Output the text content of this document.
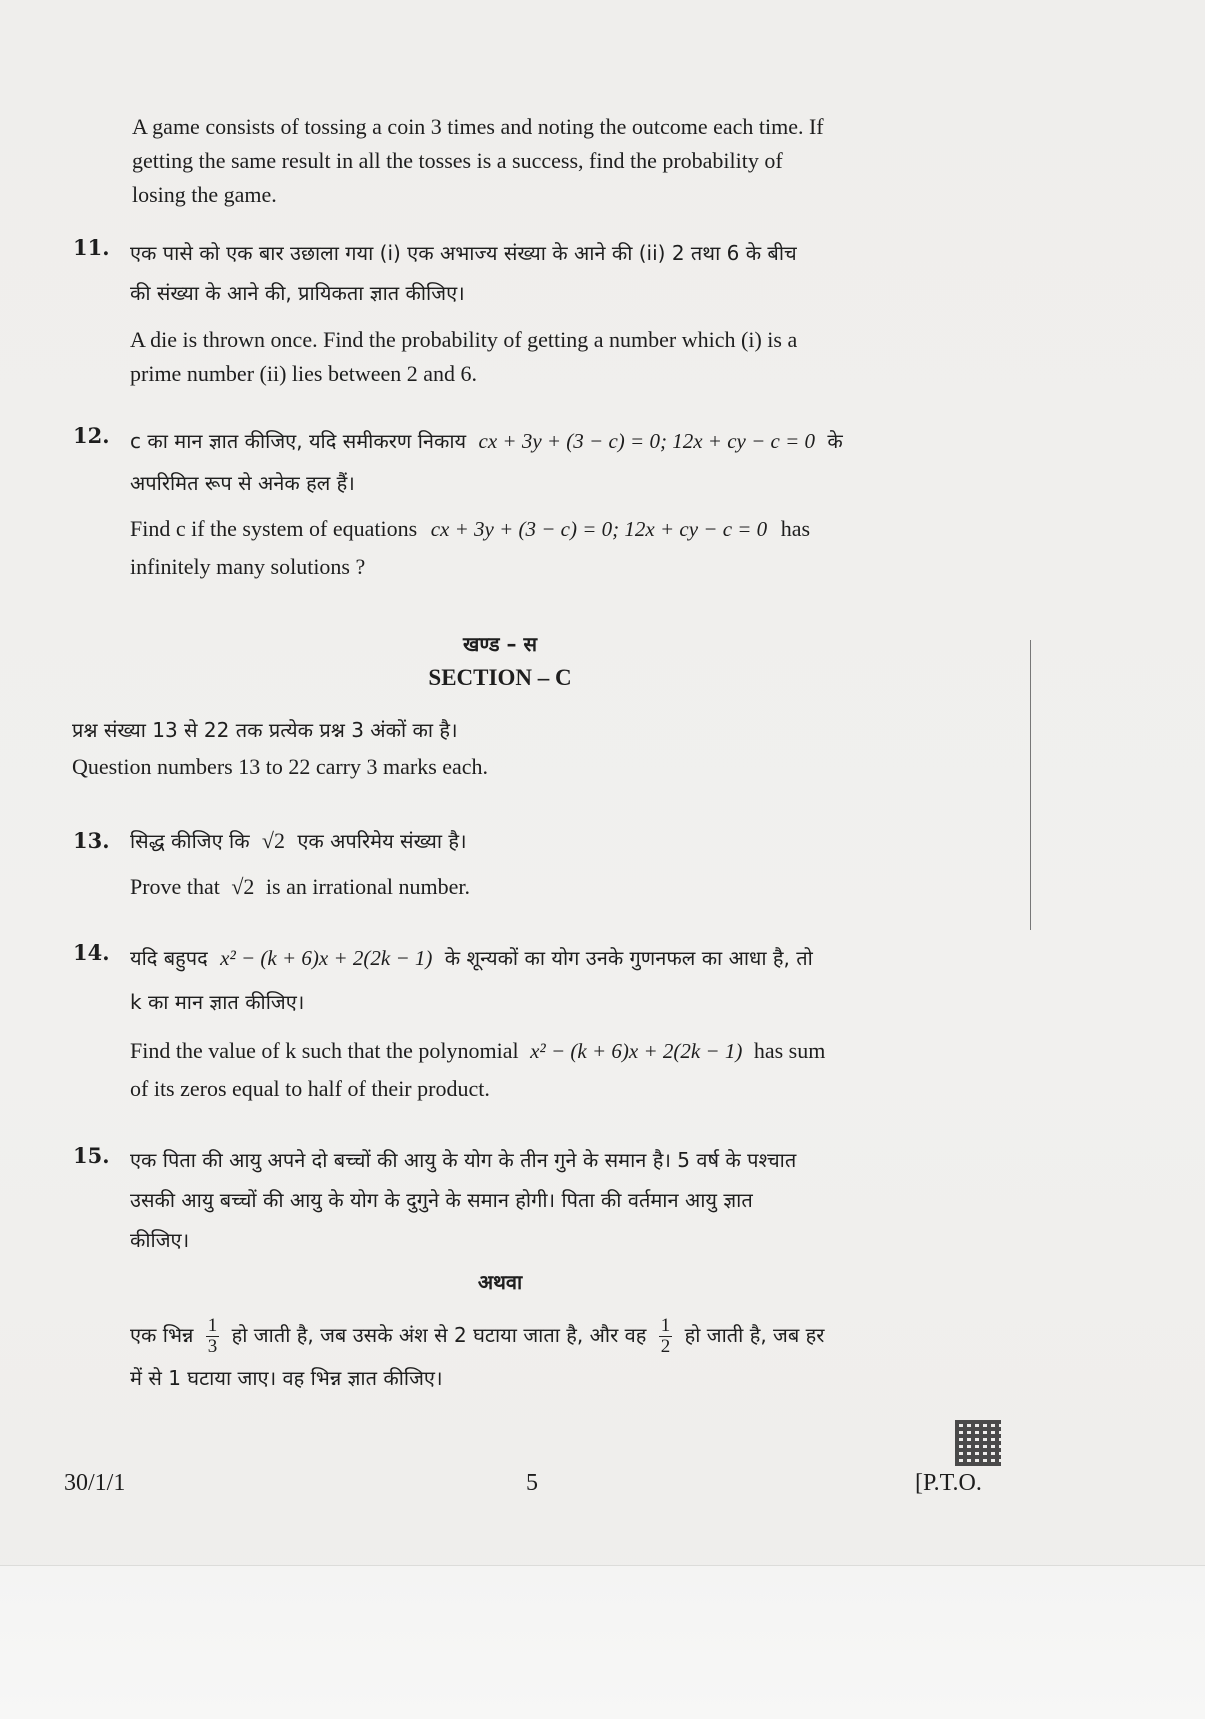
A game consists of tossing a coin 3 times and noting the outcome each time. If
getting the same result in all the tosses is a success, find the probability of
losing the game.
11. एक पासे को एक बार उछाला गया (i) एक अभाज्य संख्या के आने की (ii) 2 तथा 6 के बीच
की संख्या के आने की, प्रायिकता ज्ञात कीजिए।
A die is thrown once. Find the probability of getting a number which (i) is a
prime number (ii) lies between 2 and 6.
12. c का मान ज्ञात कीजिए, यदि समीकरण निकाय cx + 3y + (3 − c) = 0; 12x + cy − c = 0 के
अपरिमित रूप से अनेक हल हैं।
Find c if the system of equations cx + 3y + (3 − c) = 0; 12x + cy − c = 0 has
infinitely many solutions ?
खण्ड – स
SECTION – C
प्रश्न संख्या 13 से 22 तक प्रत्येक प्रश्न 3 अंकों का है।
Question numbers 13 to 22 carry 3 marks each.
13. सिद्ध कीजिए कि √2 एक अपरिमेय संख्या है।
Prove that √2 is an irrational number.
14. यदि बहुपद x² − (k + 6)x + 2(2k − 1) के शून्यकों का योग उनके गुणनफल का आधा है, तो
k का मान ज्ञात कीजिए।
Find the value of k such that the polynomial x² − (k + 6)x + 2(2k − 1) has sum
of its zeros equal to half of their product.
15. एक पिता की आयु अपने दो बच्चों की आयु के योग के तीन गुने के समान है। 5 वर्ष के पश्चात
उसकी आयु बच्चों की आयु के योग के दुगुने के समान होगी। पिता की वर्तमान आयु ज्ञात
कीजिए।
अथवा
एक भिन्न $\frac{1}{3}$ हो जाती है, जब उसके अंश से 2 घटाया जाता है, और वह $\frac{1}{2}$ हो जाती है, जब हर
में से 1 घटाया जाए। वह भिन्न ज्ञात कीजिए।
30/1/1	5	[P.T.O.
